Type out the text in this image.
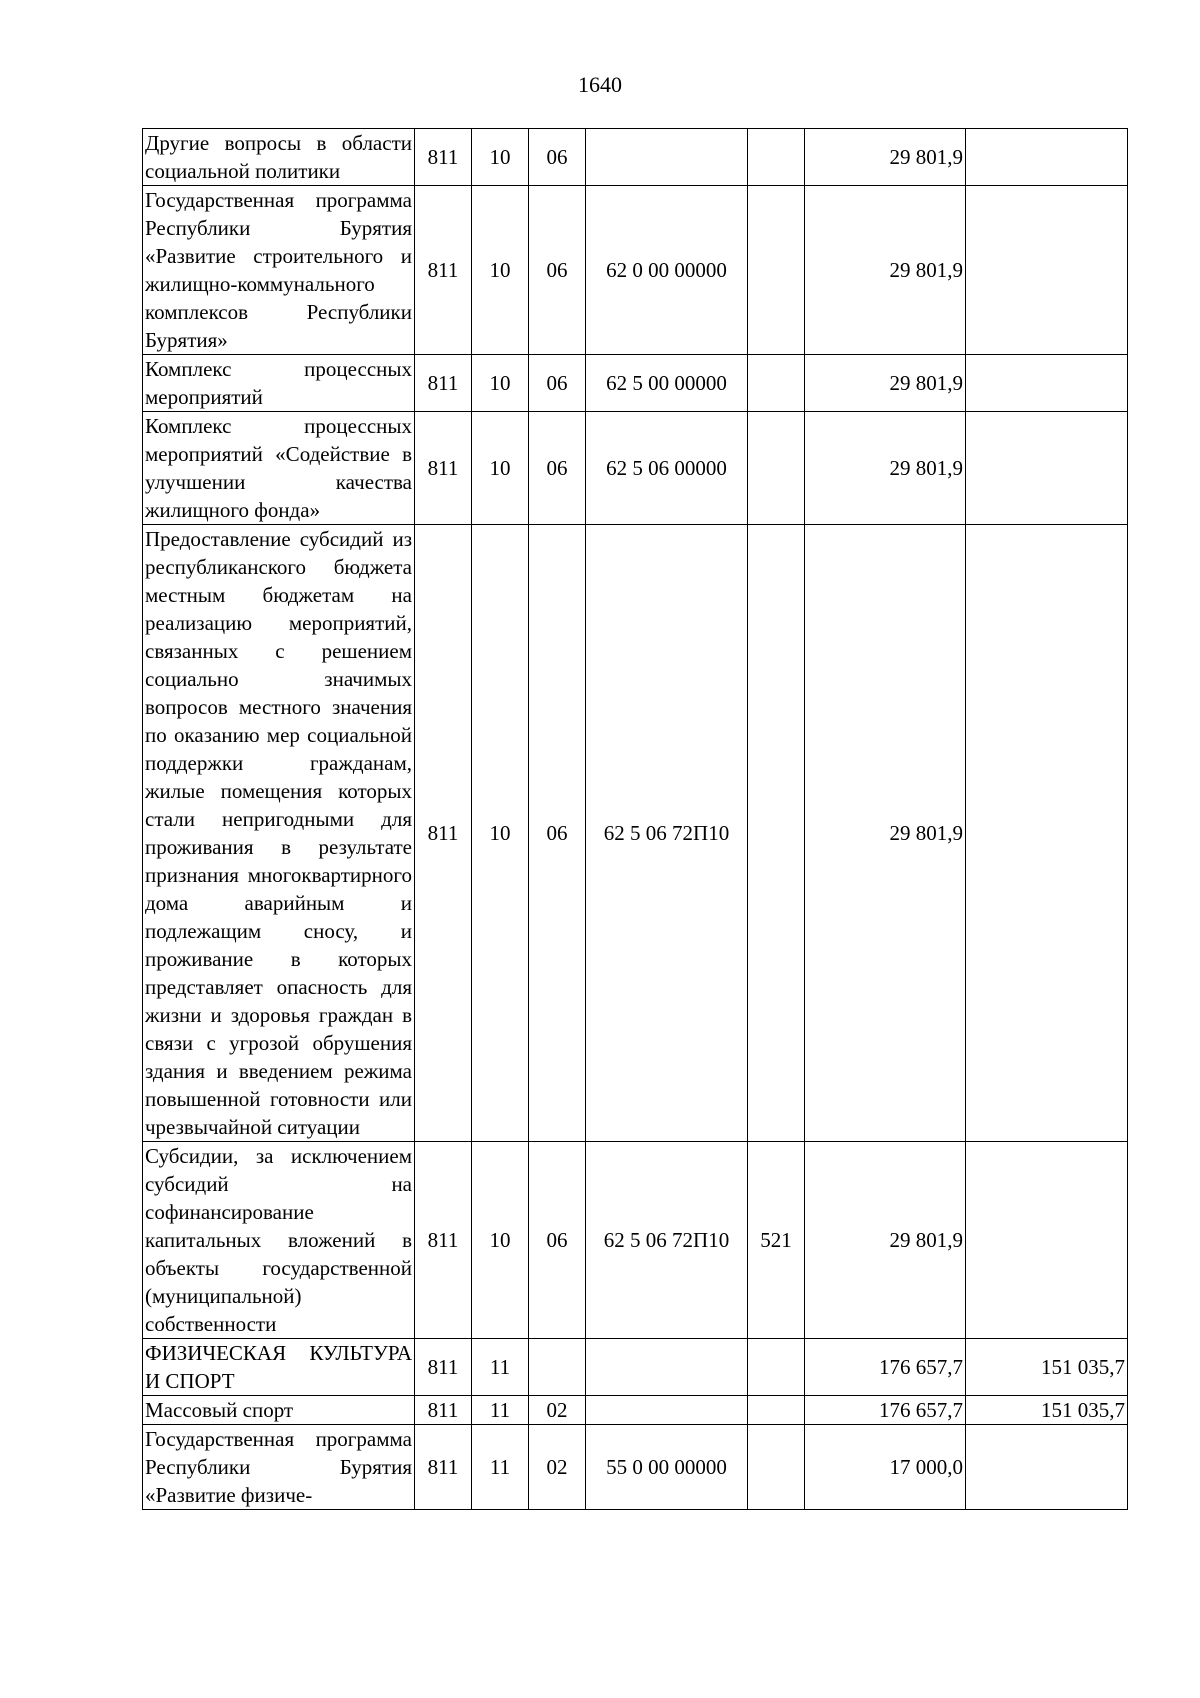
1640
Другие вопросы в области социальной политики	811	10	06			29 801,9	
Государственная программа Республики Бурятия «Развитие строительного и жилищно-коммунального комплексов Республики Бурятия»	811	10	06	62 0 00 00000		29 801,9	
Комплекс процессных мероприятий	811	10	06	62 5 00 00000		29 801,9	
Комплекс процессных мероприятий «Содействие в улучшении качества жилищного фонда»	811	10	06	62 5 06 00000		29 801,9	
Предоставление субсидий из республиканского бюджета местным бюджетам на реализацию мероприятий, связанных с решением социально значимых вопросов местного значения по оказанию мер социальной поддержки гражданам, жилые помещения которых стали непригодными для проживания в результате признания многоквартирного дома аварийным и подлежащим сносу, и проживание в которых представляет опасность для жизни и здоровья граждан в связи с угрозой обрушения здания и введением режима повышенной готовности или чрезвычайной ситуации	811	10	06	62 5 06 72П10		29 801,9	
Субсидии, за исключением субсидий на софинансирование капитальных вложений в объекты государственной (муниципальной) собственности	811	10	06	62 5 06 72П10	521	29 801,9	
ФИЗИЧЕСКАЯ КУЛЬТУРА И СПОРТ	811	11				176 657,7	151 035,7
Массовый спорт	811	11	02			176 657,7	151 035,7
Государственная программа Республики Бурятия «Развитие физиче-	811	11	02	55 0 00 00000		17 000,0	
